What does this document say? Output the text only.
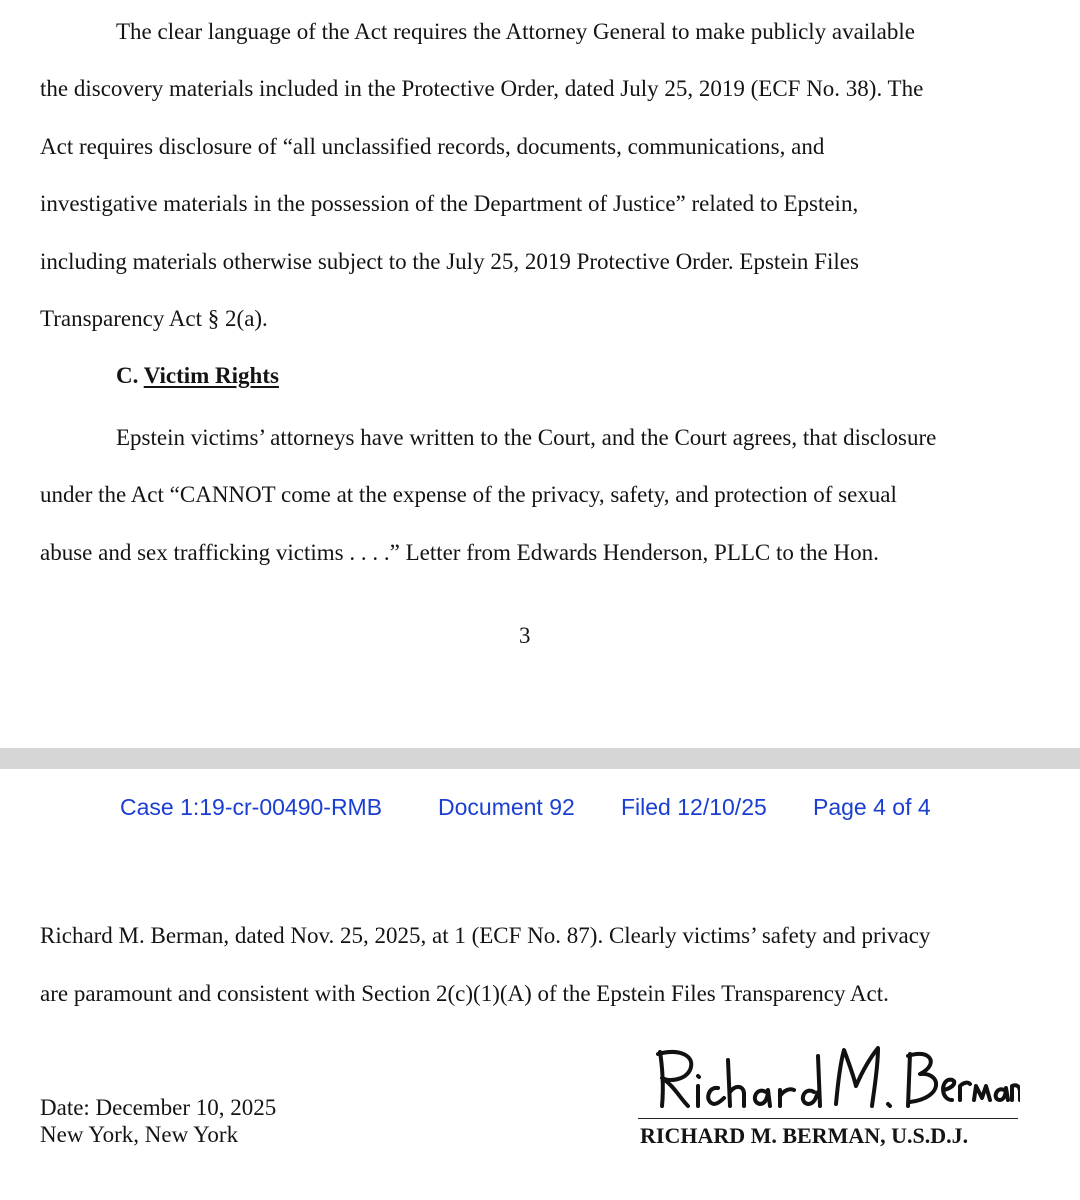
The clear language of the Act requires the Attorney General to make publicly available
the discovery materials included in the Protective Order, dated July 25, 2019 (ECF No. 38). The
Act requires disclosure of “all unclassified records, documents, communications, and
investigative materials in the possession of the Department of Justice” related to Epstein,
including materials otherwise subject to the July 25, 2019 Protective Order. Epstein Files
Transparency Act § 2(a).
C. Victim Rights
Epstein victims’ attorneys have written to the Court, and the Court agrees, that disclosure
under the Act “CANNOT come at the expense of the privacy, safety, and protection of sexual
abuse and sex trafficking victims . . . .” Letter from Edwards Henderson, PLLC to the Hon.
3
Case 1:19-cr-00490-RMB Document 92 Filed 12/10/25 Page 4 of 4
Richard M. Berman, dated Nov. 25, 2025, at 1 (ECF No. 87). Clearly victims’ safety and privacy
are paramount and consistent with Section 2(c)(1)(A) of the Epstein Files Transparency Act.
Date: December 10, 2025
New York, New York	RICHARD M. BERMAN, U.S.D.J.
